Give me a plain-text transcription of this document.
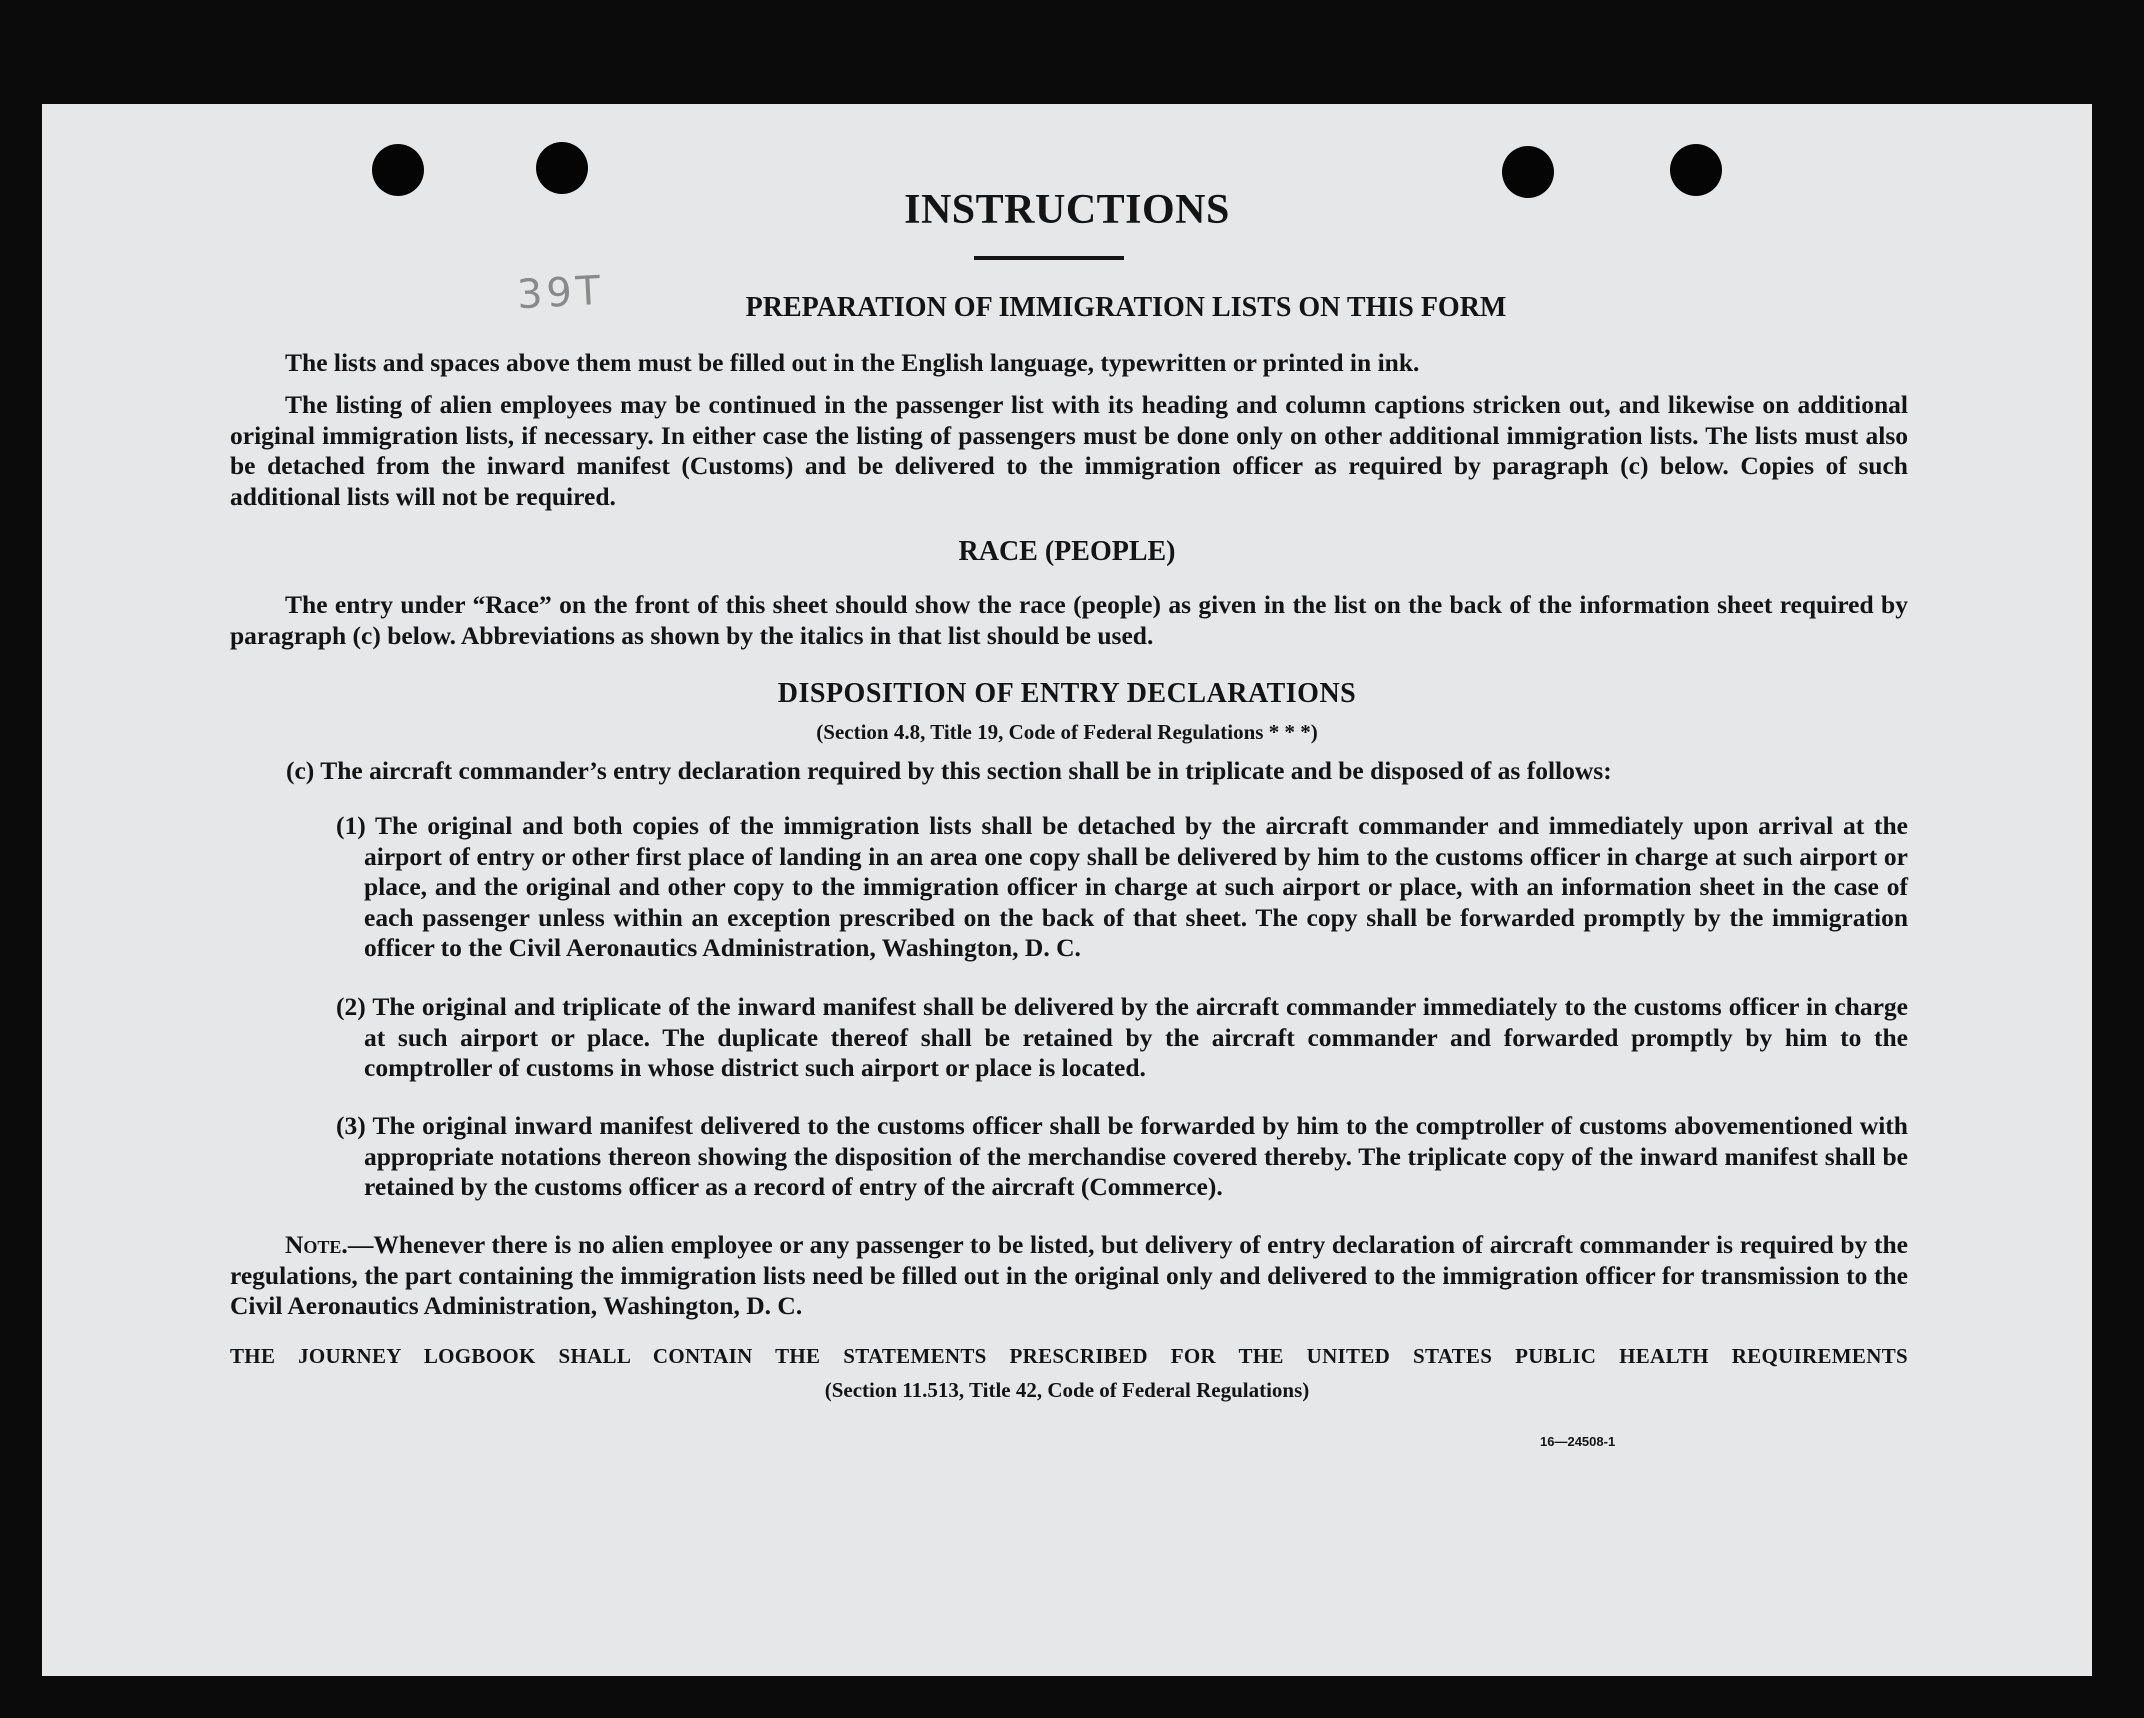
39T
INSTRUCTIONS
PREPARATION OF IMMIGRATION LISTS ON THIS FORM
The lists and spaces above them must be filled out in the English language, typewritten or printed in ink.
The listing of alien employees may be continued in the passenger list with its heading and column captions stricken out, and likewise on additional original immigration lists, if necessary. In either case the listing of passengers must be done only on other additional immigration lists. The lists must also be detached from the inward manifest (Customs) and be delivered to the immigration officer as required by paragraph (c) below. Copies of such additional lists will not be required.
RACE (PEOPLE)
The entry under “Race” on the front of this sheet should show the race (people) as given in the list on the back of the information sheet required by paragraph (c) below. Abbreviations as shown by the italics in that list should be used.
DISPOSITION OF ENTRY DECLARATIONS
(Section 4.8, Title 19, Code of Federal Regulations * * *)
(c) The aircraft commander’s entry declaration required by this section shall be in triplicate and be disposed of as follows:
(1) The original and both copies of the immigration lists shall be detached by the aircraft commander and immediately upon arrival at the airport of entry or other first place of landing in an area one copy shall be delivered by him to the customs officer in charge at such airport or place, and the original and other copy to the immigration officer in charge at such airport or place, with an information sheet in the case of each passenger unless within an exception prescribed on the back of that sheet. The copy shall be forwarded promptly by the immigration officer to the Civil Aeronautics Administration, Washington, D. C.
(2) The original and triplicate of the inward manifest shall be delivered by the aircraft commander immediately to the customs officer in charge at such airport or place. The duplicate thereof shall be retained by the aircraft commander and forwarded promptly by him to the comptroller of customs in whose district such airport or place is located.
(3) The original inward manifest delivered to the customs officer shall be forwarded by him to the comptroller of customs abovementioned with appropriate notations thereon showing the disposition of the merchandise covered thereby. The triplicate copy of the inward manifest shall be retained by the customs officer as a record of entry of the aircraft (Commerce).
Note.—Whenever there is no alien employee or any passenger to be listed, but delivery of entry declaration of aircraft commander is required by the regulations, the part containing the immigration lists need be filled out in the original only and delivered to the immigration officer for transmission to the Civil Aeronautics Administration, Washington, D. C.
THE JOURNEY LOGBOOK SHALL CONTAIN THE STATEMENTS PRESCRIBED FOR THE UNITED STATES PUBLIC HEALTH REQUIREMENTS
(Section 11.513, Title 42, Code of Federal Regulations)
16—24508-1
